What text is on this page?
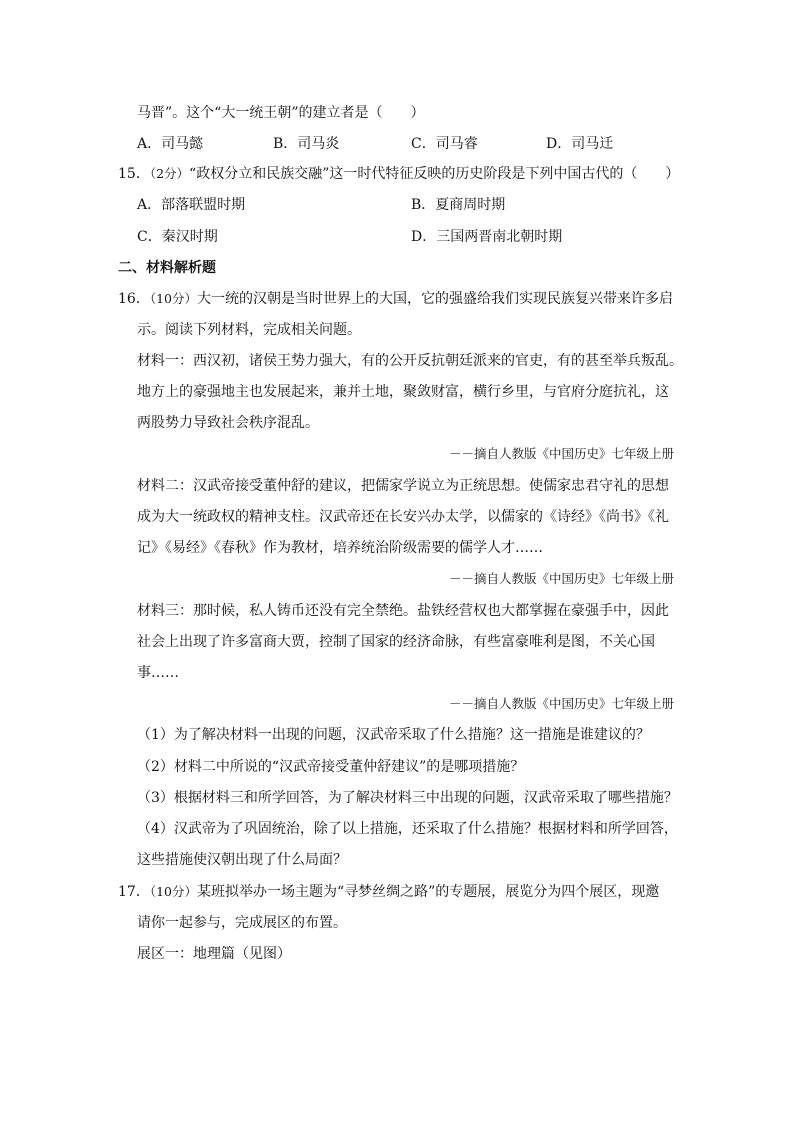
马晋”。这个“大一统王朝”的建立者是（　　）
A．司马懿	B．司马炎	C．司马睿	D．司马迁
15．（2分）“政权分立和民族交融”这一时代特征反映的历史阶段是下列中国古代的（　　）
A．部落联盟时期	B．夏商周时期
C．秦汉时期	D．三国两晋南北朝时期
二、材料解析题
16．（10分）大一统的汉朝是当时世界上的大国，它的强盛给我们实现民族复兴带来许多启
示。阅读下列材料，完成相关问题。
材料一：西汉初，诸侯王势力强大，有的公开反抗朝廷派来的官吏，有的甚至举兵叛乱。
地方上的豪强地主也发展起来，兼并土地，聚敛财富，横行乡里，与官府分庭抗礼，这
两股势力导致社会秩序混乱。
－－摘自人教版《中国历史》七年级上册
材料二：汉武帝接受董仲舒的建议，把儒家学说立为正统思想。使儒家忠君守礼的思想
成为大一统政权的精神支柱。汉武帝还在长安兴办太学，以儒家的《诗经》《尚书》《礼
记》《易经》《春秋》作为教材，培养统治阶级需要的儒学人才……
－－摘自人教版《中国历史》七年级上册
材料三：那时候，私人铸币还没有完全禁绝。盐铁经营权也大都掌握在豪强手中，因此
社会上出现了许多富商大贾，控制了国家的经济命脉，有些富豪唯利是图，不关心国
事……
－－摘自人教版《中国历史》七年级上册
（1）为了解决材料一出现的问题，汉武帝采取了什么措施？这一措施是谁建议的？
（2）材料二中所说的“汉武帝接受董仲舒建议”的是哪项措施？
（3）根据材料三和所学回答，为了解决材料三中出现的问题，汉武帝采取了哪些措施？
（4）汉武帝为了巩固统治，除了以上措施，还采取了什么措施？根据材料和所学回答，
这些措施使汉朝出现了什么局面？
17．（10分）某班拟举办一场主题为“寻梦丝绸之路”的专题展，展览分为四个展区，现邀
请你一起参与，完成展区的布置。
展区一：地理篇（见图）
